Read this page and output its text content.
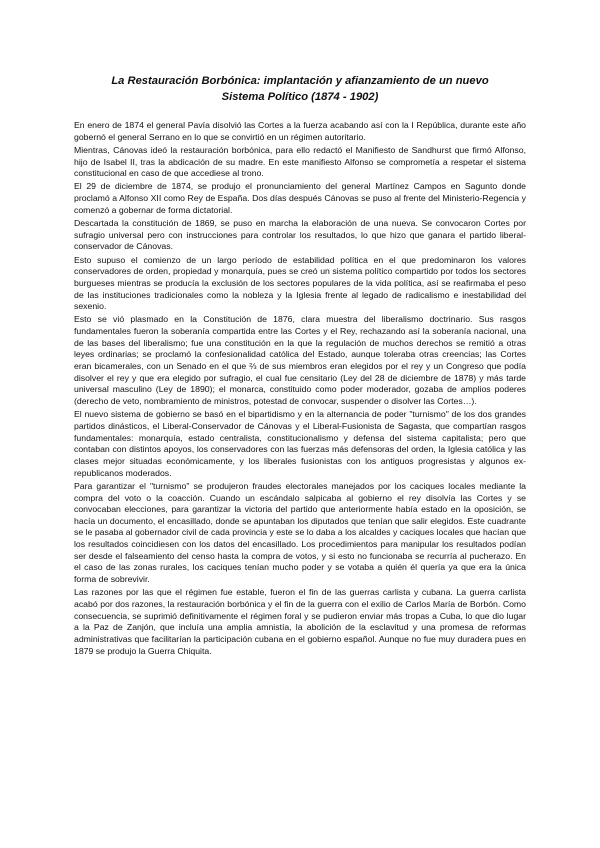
La Restauración Borbónica: implantación y afianzamiento de un nuevo
Sistema Político (1874 - 1902)

En enero de 1874 el general Pavía disolvió las Cortes a la fuerza acabando así con la I República, durante este año gobernó el general Serrano en lo que se convirtió en un régimen autoritario.

Mientras, Cánovas ideó la restauración borbónica, para ello redactó el Manifiesto de Sandhurst que firmó Alfonso, hijo de Isabel II, tras la abdicación de su madre. En este manifiesto Alfonso se comprometía a respetar el sistema constitucional en caso de que accediese al trono.

El 29 de diciembre de 1874, se produjo el pronunciamiento del general Martínez Campos en Sagunto donde proclamó a Alfonso XII como Rey de España. Dos días después Cánovas se puso al frente del Ministerio-Regencia y comenzó a gobernar de forma dictatorial.

Descartada la constitución de 1869, se puso en marcha la elaboración de una nueva. Se convocaron Cortes por sufragio universal pero con instrucciones para controlar los resultados, lo que hizo que ganara el partido liberal-conservador de Cánovas.

Esto supuso el comienzo de un largo período de estabilidad política en el que predominaron los valores conservadores de orden, propiedad y monarquía, pues se creó un sistema político compartido por todos los sectores burgueses mientras se producía la exclusión de los sectores populares de la vida política, así se reafirmaba el peso de las instituciones tradicionales como la nobleza y la Iglesia frente al legado de radicalismo e inestabilidad del sexenio.

Esto se vió plasmado en la Constitución de 1876, clara muestra del liberalismo doctrinario. Sus rasgos fundamentales fueron la soberanía compartida entre las Cortes y el Rey, rechazando así la soberanía nacional, una de las bases del liberalismo; fue una constitución en la que la regulación de muchos derechos se remitió a otras leyes ordinarias; se proclamó la confesionalidad católica del Estado, aunque toleraba otras creencias; las Cortes eran bicamerales, con un Senado en el que ⅔ de sus miembros eran elegidos por el rey y un Congreso que podía disolver el rey y que era elegido por sufragio, el cual fue censitario (Ley del 28 de diciembre de 1878) y más tarde universal masculino (Ley de 1890); el monarca, constituido como poder moderador, gozaba de amplios poderes (derecho de veto, nombramiento de ministros, potestad de convocar, suspender o disolver las Cortes…).

El nuevo sistema de gobierno se basó en el bipartidismo y en la alternancia de poder "turnismo" de los dos grandes partidos dinásticos, el Liberal-Conservador de Cánovas y el Liberal-Fusionista de Sagasta, que compartían rasgos fundamentales: monarquía, estado centralista, constitucionalismo y defensa del sistema capitalista; pero que contaban con distintos apoyos, los conservadores con las fuerzas más defensoras del orden, la Iglesia católica y las clases mejor situadas económicamente, y los liberales fusionistas con los antiguos progresistas y algunos ex-republicanos moderados.

Para garantizar el "turnismo" se produjeron fraudes electorales manejados por los caciques locales mediante la compra del voto o la coacción. Cuando un escándalo salpicaba al gobierno el rey disolvía las Cortes y se convocaban elecciones, para garantizar la victoria del partido que anteriormente había estado en la oposición, se hacía un documento, el encasillado, donde se apuntaban los diputados que tenían que salir elegidos. Este cuadrante se le pasaba al gobernador civil de cada provincia y este se lo daba a los alcaldes y caciques locales que hacían que los resultados coincidiesen con los datos del encasillado. Los procedimientos para manipular los resultados podían ser desde el falseamiento del censo hasta la compra de votos, y si esto no funcionaba se recurría al pucherazo. En el caso de las zonas rurales, los caciques tenían mucho poder y se votaba a quién él quería ya que era la única forma de sobrevivir.

Las razones por las que el régimen fue estable, fueron el fin de las guerras carlista y cubana. La guerra carlista acabó por dos razones, la restauración borbónica y el fin de la guerra con el exilio de Carlos María de Borbón. Como consecuencia, se suprimió definitivamente el régimen foral y se pudieron enviar más tropas a Cuba, lo que dio lugar a la Paz de Zanjón, que incluía una amplia amnistía, la abolición de la esclavitud y una promesa de reformas administrativas que facilitarían la participación cubana en el gobierno español. Aunque no fue muy duradera pues en 1879 se produjo la Guerra Chiquita.
